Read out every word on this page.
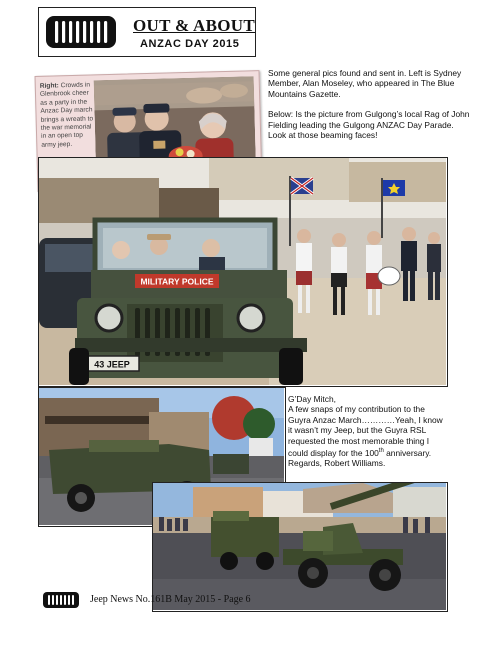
OUT & ABOUT
ANZAC DAY 2015
Right: Crowds in Glenbrook cheer as a party in the Anzac Day march brings a wreath to the war memorial in an open top army jeep.

Some general pics found and sent in. Left is Sydney Member, Alan Moseley, who appeared in The Blue Mountains Gazette.

Below: Is the picture from Gulgong’s local Rag of John Fielding leading the Gulgong ANZAC Day Parade. Look at those beaming faces!

MILITARY POLICE
43 JEEP

G’Day Mitch,

A few snaps of my contribution to the Guyra Anzac March…………Yeah, I know it wasn’t my Jeep, but the Guyra RSL requested the most memorable thing I could display for the 100th anniversary.

Regards, Robert Williams.

Jeep News No.161B May 2015 - Page 6
